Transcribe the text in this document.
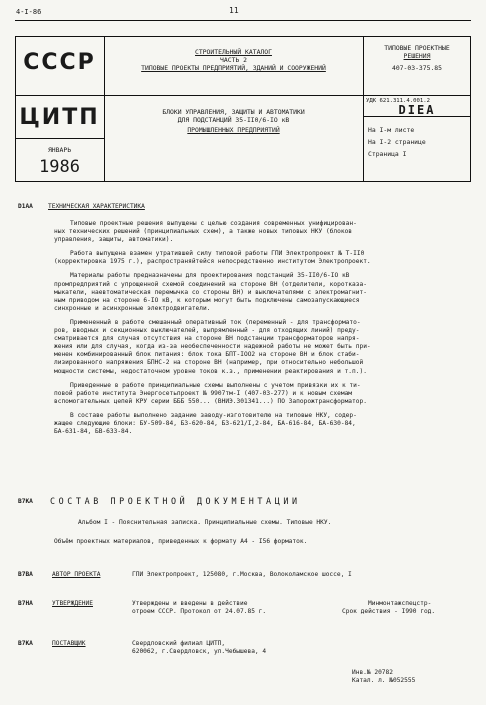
4-I-86	11
СССР
ЦИТП
ЯНВАРЬ
1986
СТРОИТЕЛЬНЫЙ КАТАЛОГ
ЧАСТЬ 2
ТИПОВЫЕ ПРОЕКТЫ ПРЕДПРИЯТИЙ, ЗДАНИЙ И СООРУЖЕНИЙ
ТИПОВЫЕ ПРОЕКТНЫЕ
РЕШЕНИЯ
407-03-375.85
УДК 621.311.4.001.2
DIEA
БЛОКИ УПРАВЛЕНИЯ, ЗАЩИТЫ И АВТОМАТИКИ
ДЛЯ ПОДСТАНЦИЙ 35-II0/6-IO кВ
ПРОМЫШЛЕННЫХ ПРЕДПРИЯТИЙ	На I-м листе
На I-2 странице
Страница I
D1AA ТЕХНИЧЕСКАЯ ХАРАКТЕРИСТИКА
Типовые проектные решения выпущены с целью создания современных унифицирован-
ных технических решений (принципиальных схем), а также новых типовых НКУ (блоков
управления, защиты, автоматики).
Работа выпущена взамен утратившей силу типовой работы ГПИ Электропроект № Т-II0
(корректировка 1975 г.), распространяйтейся непосредственно институтом Электропроект.
Материалы работы предназначены для проектирования подстанций 35-II0/6-IO кВ
промпредприятий с упрощенной схемой соединений на стороне ВН (отделители, коротказа-
мыкатели, наевтоматическая перемычка со стороны ВН) и выключателями с электромагнит-
ным приводом на стороне 6-IO кВ, к которым могут быть подключены самозапускающиеся
синхронные и асинхронные электродвигатели.
Примененный в работе смешанный оперативный ток (переменный - для трансформато-
ров, вводных и секционных выключателей, выпрямленный - для отходящих линий) преду-
сматривается для случая отсутствия на стороне ВН подстанции трансформаторов напря-
жения или для случая, когда из-за необеспеченности надежной работы не может быть при-
менен комбинированный блок питания: блок тока БПТ-IOO2 на стороне ВН и блок стаби-
лизированного напряжения БПНС-2 на стороне ВН (например, при относительно небольшой
мощности системы, недостаточном уровне токов к.з., применении реактирования и т.п.).
Приведенные в работе принципиальные схемы выполнены с учетом привязки их к ти-
повой работе института Энергосетьпроект № 9907тм-I (407-03-277) и к новым схемам
вспомогательных цепей КРУ серии БББ 550... (ВНИЭ.301341...) ПО Запорожтрансформатор.
В составе работы выполнено задание заводу-изготовителю на типовые НКУ, содер-
жащее следующие блоки: БУ-509-84, БЗ-620-84, БЗ-621/I,2-84, БА-616-84, БА-630-84,
БА-631-84, БВ-633-84.
B7KA СОСТАВ ПРОЕКТНОЙ ДОКУМЕНТАЦИИ
Альбом I - Пояснительная записка. Принципиальные схемы. Типовые НКУ.
Объём проектных материалов, приведенных к формату А4 - I56 форматок.
B7BA	АВТОР ПРОЕКТА	ГПИ Электропроект, 125080, г.Москва, Волоколамское шоссе, I
B7HA	УТВЕРЖДЕНИЕ	Утверждены и введены в действие
отроем СССР. Протокол от 24.07.85 г.
Минмонтажспецстр-
Срок действия - I990 год.
B7KA	ПОСТАВЩИК	Свердловский филиал ЦИТП,
620062, г.Свердловск, ул.Чебышева, 4
Инв.№ 20782
Катал. л. №052555
